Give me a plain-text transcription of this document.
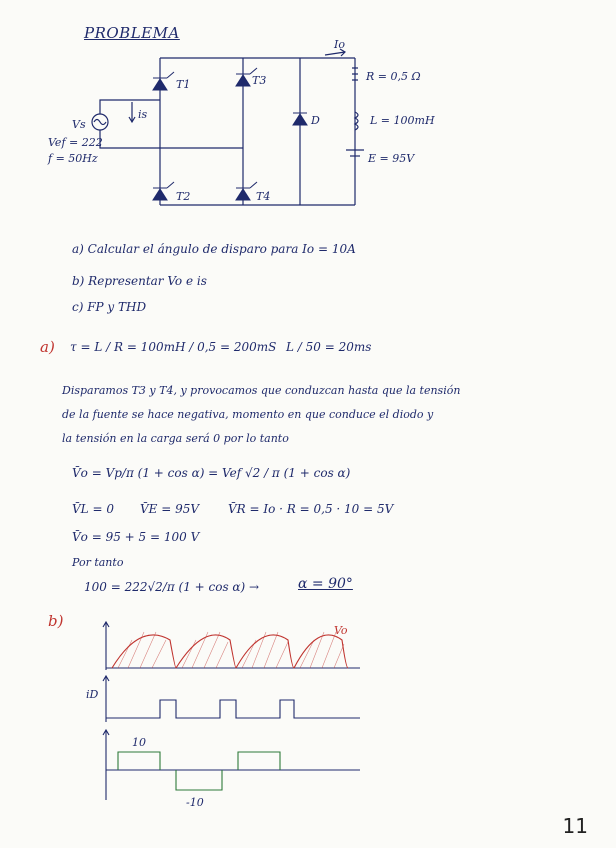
PROBLEMA
Vs
Vef = 222
f = 50Hz
is
Io
T1	T3
T2	T4
D
R = 0,5 Ω
L = 100mH
E = 95V
a) Calcular el ángulo de disparo para Io = 10A
b) Representar Vo e is
c) FP y THD
a) τ = L / R = 100mH / 0,5 = 200mS L / 50 = 20ms
Disparamos T3 y T4, y provocamos que conduzcan hasta que la tensión
de la fuente se hace negativa, momento en que conduce el diodo y
la tensión en la carga será 0 por lo tanto
V̄o = Vp/π (1 + cos α) = Vef √2 / π (1 + cos α)
V̄L = 0 V̄E = 95V V̄R = Io · R = 0,5 · 10 = 5V
V̄o = 95 + 5 = 100 V
Por tanto
100 = 222√2/π (1 + cos α) →	α = 90°
b)
Vo
iD
10
-10
11
